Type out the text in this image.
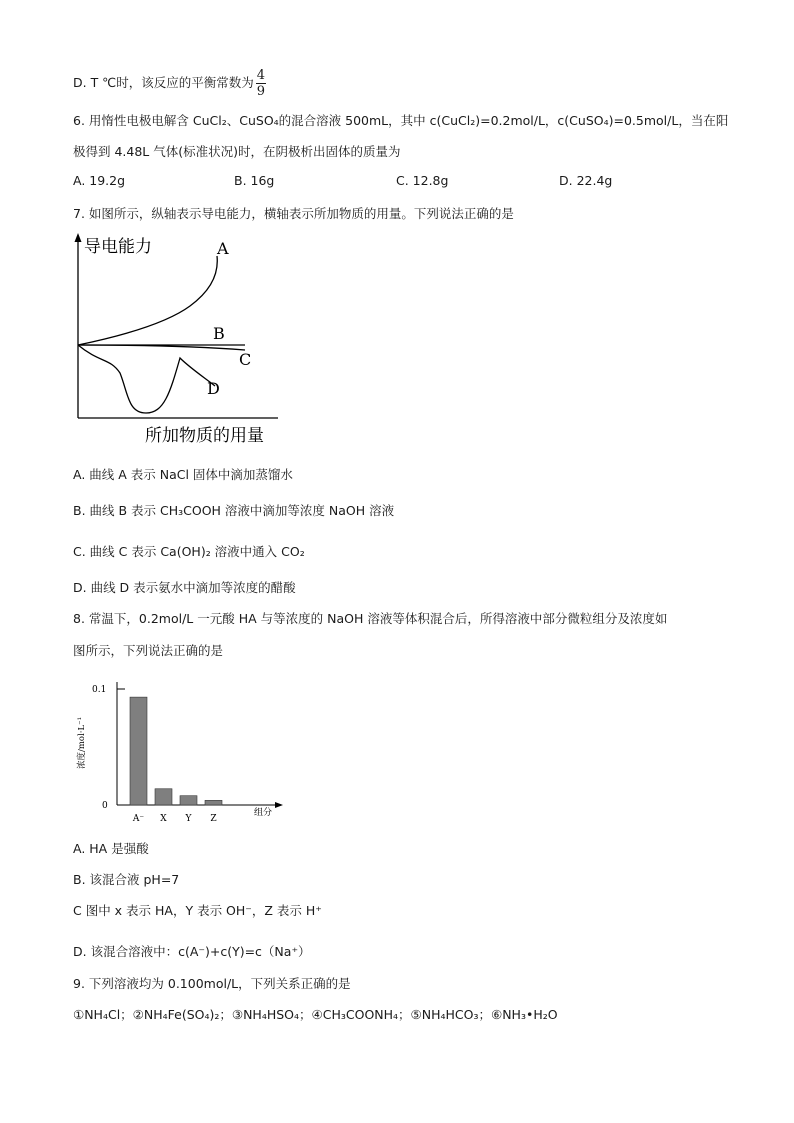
D. T ℃时，该反应的平衡常数为 $\frac{4}{9}$
6. 用惰性电极电解含 CuCl₂、CuSO₄的混合溶液 500mL，其中 c(CuCl₂)=0.2mol/L，c(CuSO₄)=0.5mol/L，当在阳
极得到 4.48L 气体(标准状况)时，在阴极析出固体的质量为
A. 19.2g	B. 16g	C. 12.8g	D. 22.4g
7. 如图所示，纵轴表示导电能力，横轴表示所加物质的用量。下列说法正确的是
导电能力	A
B
C
D
所加物质的用量
A. 曲线 A 表示 NaCl 固体中滴加蒸馏水
B. 曲线 B 表示 CH₃COOH 溶液中滴加等浓度 NaOH 溶液
C. 曲线 C 表示 Ca(OH)₂ 溶液中通入 CO₂
D. 曲线 D 表示氨水中滴加等浓度的醋酸
8. 常温下，0.2mol/L 一元酸 HA 与等浓度的 NaOH 溶液等体积混合后，所得溶液中部分微粒组分及浓度如
图所示，下列说法正确的是
0.1
0
浓度/mol·L⁻¹
组分
A⁻ X Y Z
A. HA 是强酸
B. 该混合液 pH=7
C 图中 x 表示 HA，Y 表示 OH⁻，Z 表示 H⁺
D. 该混合溶液中：c(A⁻)+c(Y)=c（Na⁺）
9. 下列溶液均为 0.100mol/L，下列关系正确的是
①NH₄Cl；②NH₄Fe(SO₄)₂；③NH₄HSO₄；④CH₃COONH₄；⑤NH₄HCO₃；⑥NH₃•H₂O
